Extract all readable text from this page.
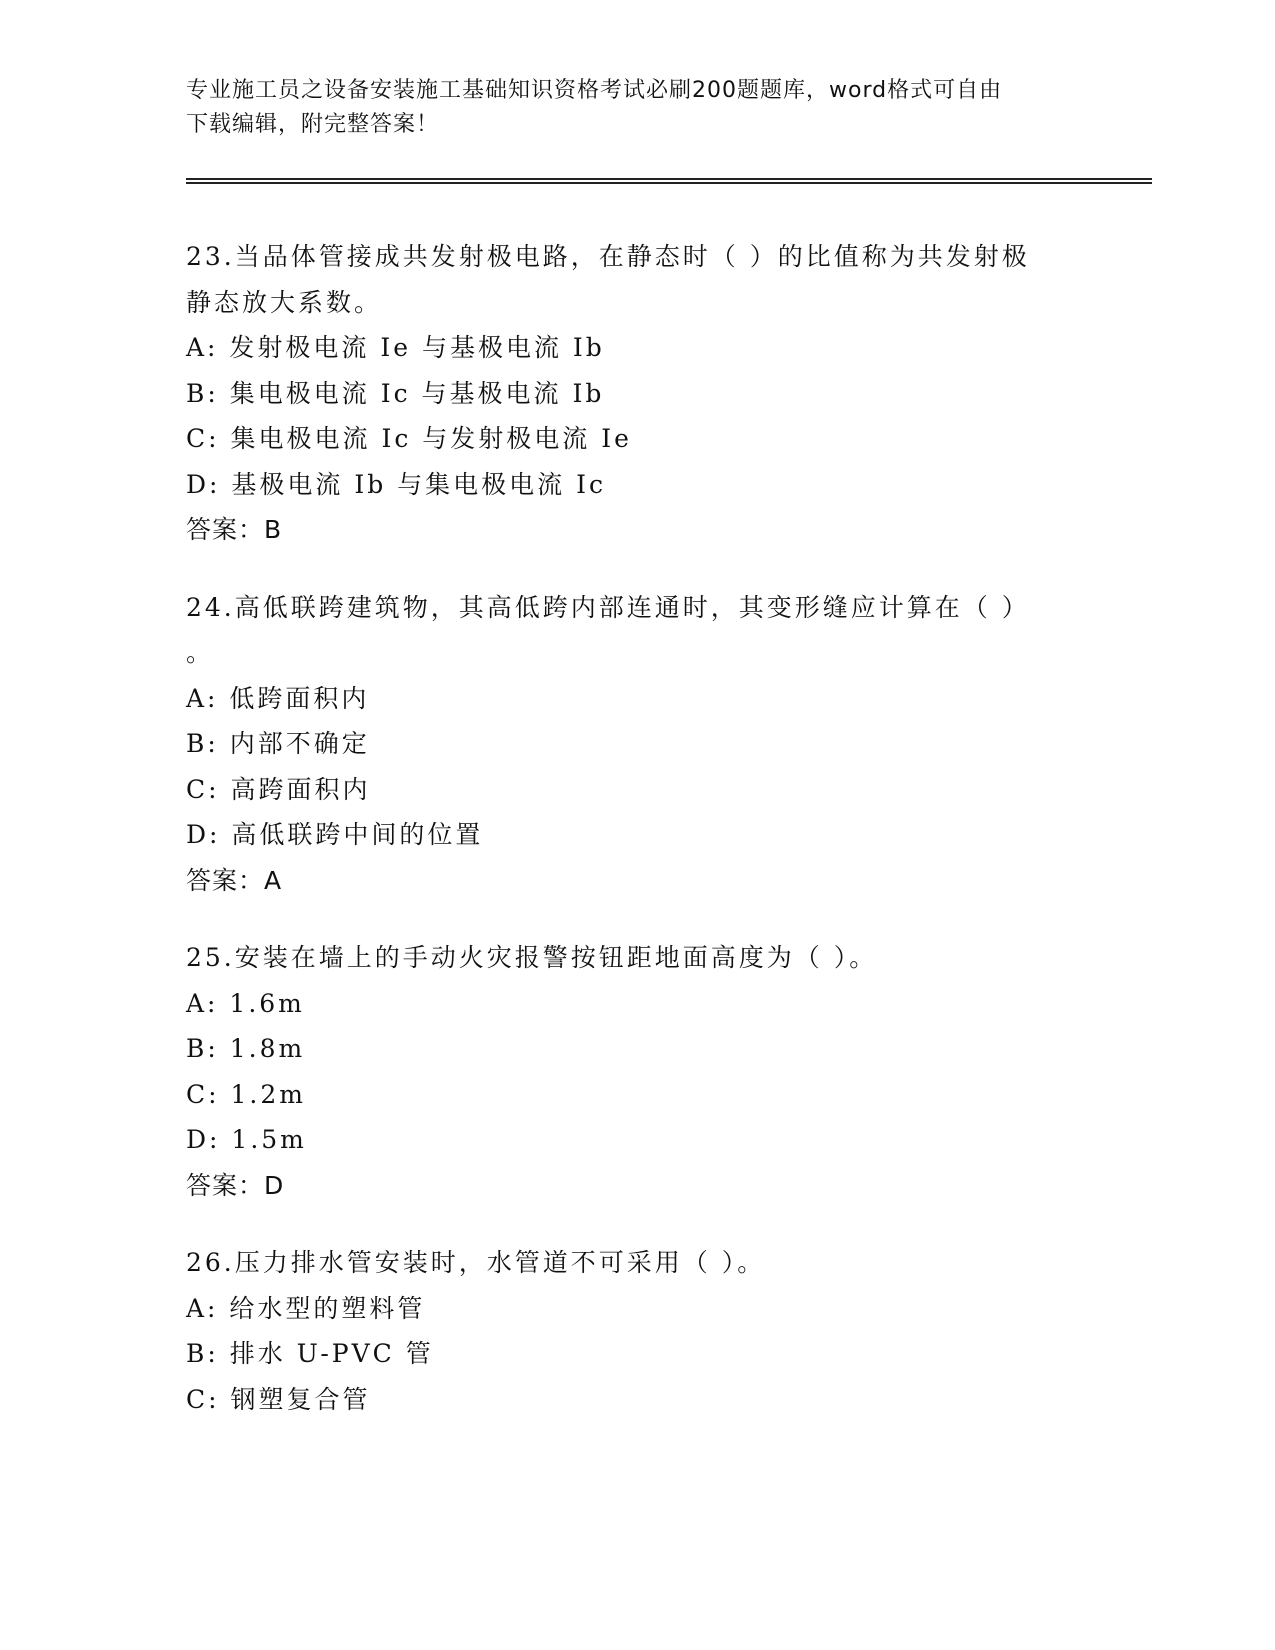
专业施工员之设备安装施工基础知识资格考试必刷200题题库，word格式可自由
下载编辑，附完整答案！
23.当品体管接成共发射极电路，在静态时（ ）的比值称为共发射极
静态放大系数。
A: 发射极电流 Ie 与基极电流 Ib
B: 集电极电流 Ic 与基极电流 Ib
C: 集电极电流 Ic 与发射极电流 Ie
D: 基极电流 Ib 与集电极电流 Ic
答案：B
24.高低联跨建筑物，其高低跨内部连通时，其变形缝应计算在（ ）
。
A: 低跨面积内
B: 内部不确定
C: 高跨面积内
D: 高低联跨中间的位置
答案：A
25.安装在墙上的手动火灾报警按钮距地面高度为（ ）。
A: 1.6m
B: 1.8m
C: 1.2m
D: 1.5m
答案：D
26.压力排水管安装时，水管道不可采用（ ）。
A: 给水型的塑料管
B: 排水 U-PVC 管
C: 钢塑复合管
